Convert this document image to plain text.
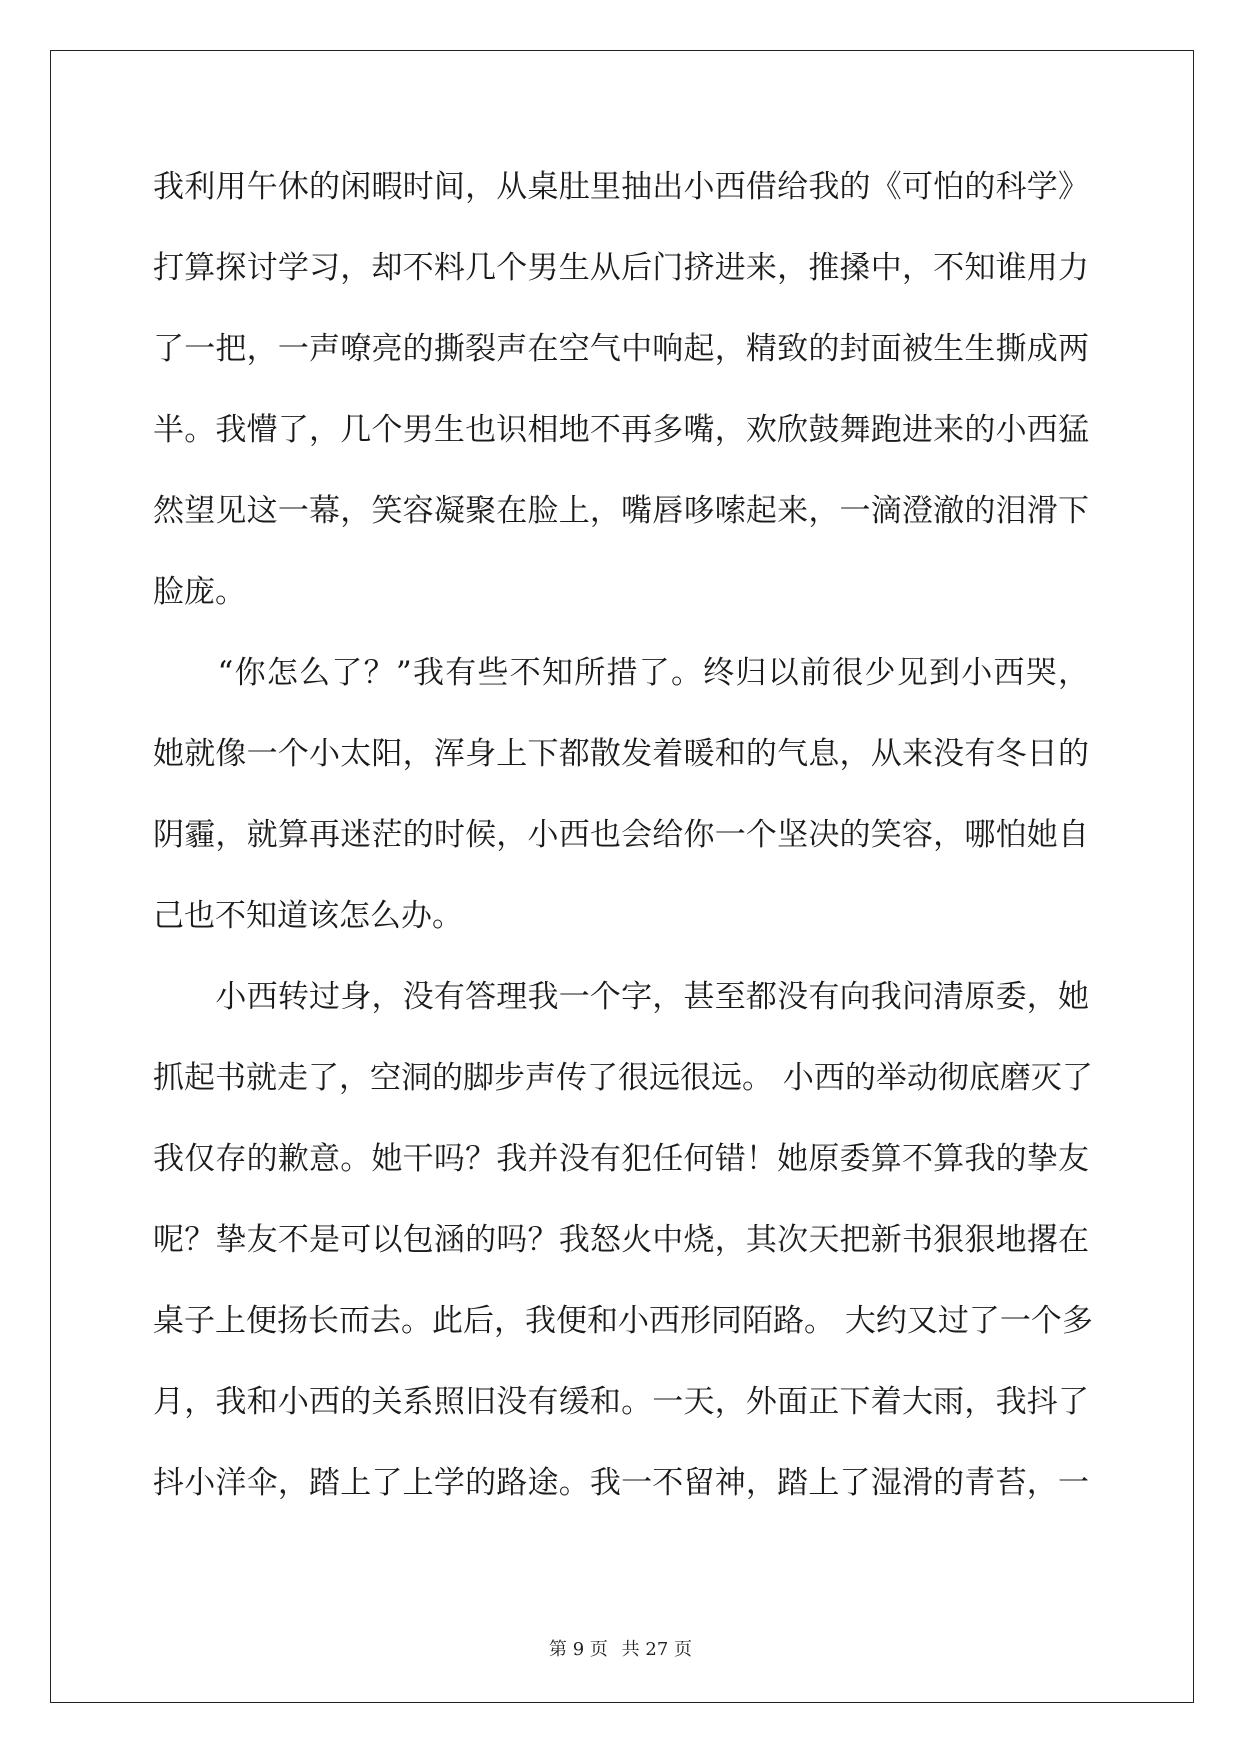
我利用午休的闲暇时间，从桌肚里抽出小西借给我的《可怕的科学》
打算探讨学习，却不料几个男生从后门挤进来，推搡中，不知谁用力
了一把，一声嘹亮的撕裂声在空气中响起，精致的封面被生生撕成两
半。我懵了，几个男生也识相地不再多嘴，欢欣鼓舞跑进来的小西猛
然望见这一幕，笑容凝聚在脸上，嘴唇哆嗦起来，一滴澄澈的泪滑下
脸庞。
　　“你怎么了？”我有些不知所措了。终归以前很少见到小西哭，
她就像一个小太阳，浑身上下都散发着暖和的气息，从来没有冬日的
阴霾，就算再迷茫的时候，小西也会给你一个坚决的笑容，哪怕她自
己也不知道该怎么办。
　　小西转过身，没有答理我一个字，甚至都没有向我问清原委，她
抓起书就走了，空洞的脚步声传了很远很远。 小西的举动彻底磨灭了
我仅存的歉意。她干吗？我并没有犯任何错！她原委算不算我的挚友
呢？挚友不是可以包涵的吗？我怒火中烧，其次天把新书狠狠地撂在
桌子上便扬长而去。此后，我便和小西形同陌路。 大约又过了一个多
月，我和小西的关系照旧没有缓和。一天，外面正下着大雨，我抖了
抖小洋伞，踏上了上学的路途。我一不留神，踏上了湿滑的青苔，一
第 9 页 共 27 页
